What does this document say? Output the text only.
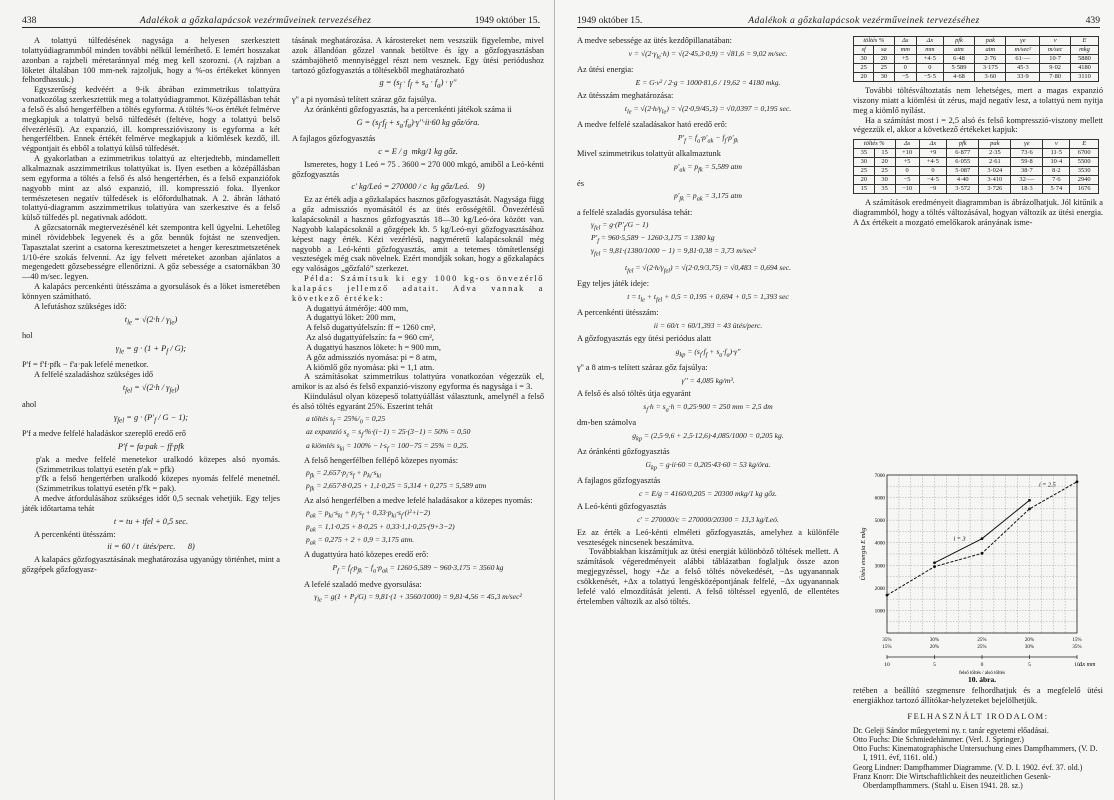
438	Adalékok a gőzkalapácsok vezérműveinek tervezéséhez	1949 október 15.

A tolattyú túlfedésének nagysága a helyesen szerkesztett tolattyúdiagrammból minden további nélkül leméríhető. E lemért hosszakat azonban a rajzbeli méretaránnyal még meg kell szorozni. (A rajzban a löketet általában 100 mm-nek rajzoljuk, hogy a %-os értékeket könnyen felhordhassuk.)

Egyszerűség kedvéért a 9-ik ábrában ezimmetrikus tolattyúra vonatkozólag szerkesztettük meg a tolattyúdiagrammot. Középállásban tehát a felső és alsó hengerfélben a töltés egyforma. A töltés %-os értékét felmérve megkapjuk a tolattyú belső túlfedését (feltéve, hogy a tolattyú belső élvezérlésű). Az expanzió, ill. kompresszióviszony is egyforma a két hengerféltben. Ennek értékét felmérve megkapjuk a kiömlések kezdő, ill. végpontjait és ebből a tolattyú külső túlfedését.

A gyakorlatban a ezimmetrikus tolattyú az elterjedtebb, mindamellett alkalmaznak aszzimmetrikus tolattyúkat is. Ilyen esetben a középállásban sem egyforma a töltés a felső és alsó hengertérben, és a felső expanziófok nagyobb mint az alsó expanzió, ill. kompresszió foka. Ilyenkor természetesen negatív túlfedések is előfordulhatnak. A 2. ábrán látható tolattyú-diagramm aszzimmetrikus tolattyúra van szerkesztve és a felső külső túlfedés pl. negativnak adódott.

A gőzcsatornák megtervezésénél két szempontra kell ügyelni. Lehetőleg minél rövidebbek legyenek és a gőz bennük fojtást ne szenvedjen. Tapasztalat szerint a csatorna keresztmetszetet a henger keresztmetszetének 1/10-ére szokás felvenni. Az így felvett méreteket azonban ajánlatos a megengedett gőzsebességre ellenőrizni. A gőz sebessége a csatornákban 30—40 m/sec. legyen.

A kalapács percenkénti ütésszáma a gyorsulások és a löket ismeretében könnyen számítható.

A lefutáshoz szükséges idő:

$t_{le} = √(2\cdot h / \gamma_{le})$

hol

$\gamma_{le} = g \cdot (1 + P_f / G)$;

P'f = f'f·pfk − f'a·pak lefelé menetkor.

A felfelé szaladáshoz szükséges idő

$t_{fel} = √(2\cdot h / \gamma_{fel})$

ahol

$\gamma_{fel} = g \cdot (P'_f / G - 1)$;

P'f a medve felfelé haladáskor szereplő eredő erő

P'f = fa·pak − ff·pfk

p'ak a medve felfelé menetekor uralkodó közepes alsó nyomás. (Szimmetrikus tolattyú esetén p'ak = pfk)

p'fk a felső hengertérben uralkodó közepes nyomás felfelé menetnél. (Szimmetrikus tolattyú esetén p'fk = pak).

A medve átfordulásához szükséges időt 0,5 secnak vehetjük. Egy teljes játék időtartama tehát

t = tu + tfel + 0,5 sec.

A percenkénti ütésszám:

ii = 60 / t  ütés/perc.      8)

A kalapács gőzfogyasztásának meghatározása ugyanúgy történhet, mint a gőzgépek gőzfogyasz-

tásának meghatározása. A károstereket nem veszszük figyelembe, mivel azok állandóan gőzzel vannak betöltve és így a gőzfogyasztásban számbajöhető mennyiséggel részt nem vesznek. Egy ütési periódushoz tartozó gőzfogyasztás a töltésekből meghatározható

$g = (s_f \cdot f_f + s_a \cdot f_a) \cdot \gamma''$

γ'' a pi nyomású telített száraz gőz fajsúlya.

Az óránkénti gőzfogyasztás, ha a percenkénti játékok száma ii

$G = (s_f\cdot f_f + s_a\cdot f_a)\cdot\gamma''\cdot ii\cdot 60$ kg gőz/óra.

A fajlagos gőzfogyasztás

c = E / g  mkg/1 kg gőz.

Ismeretes, hogy 1 Leó = 75 . 3600 = 270 000 mkgó, amiből a Leó-kénti gőzfogyasztás

c' kg/Leó = 270000 / c  kg gőz/Leó.    9)

Ez az érték adja a gőzkalapács hasznos gőzfogyasztását. Nagysága függ a gőz admissziós nyomásától és az ütés erősségétől. Önvezérlésű kalapácsoknál a hasznos gőzfogyasztás 18—30 kg/Leó-óra között van. Nagyobb kalapácsoknál a gőzgépek kb. 5 kg/Leó-nyi gőzfogyasztásához képest nagy érték. Kézi vezérlésű, nagyméretű kalapácsoknál még nagyobb a Leó-kénti gőzfogyasztás, amit a tetemes tömítetlenségi veszteségek még csak növelnek. Ezért mondják sokan, hogy a gőzkalapács egy valóságos „gőzfaló” szerkezet.

Példa: Számítsuk ki egy 1000 kg-os önvezérlő kalapács jellemző adatait. Adva vannak a következő értékek:

A dugattyú átmérője: 400 mm,

A dugattyú löket: 200 mm,

A felső dugattyúfelszín: ff = 1260 cm²,

Az alsó dugattyúfelszín: fa = 960 cm²,

A dugattyú hasznos lökete: h = 900 mm,

A gőz admissziós nyomása: pi = 8 atm,

A kiömlő gőz nyomása: pki = 1,1 atm.

A számításokat szimmetrikus tolattyúra vonatkozóan végezzük el, amikor is az alsó és felső expanzió-viszony egyforma és nagysága i = 3.

Kiindulásul olyan közepeső tolattyúállást választunk, amelynél a felső és alsó töltés egyaránt 25%. Eszerint tehát

a töltés $s_f = 25\%/_0 = 0,25$
az expanzió $s_e = s_f\cdot\%\cdot(i-1) = 25\cdot(3-1) = 50\% = 0,50$
a kiömlés $s_{ki} = 100\% - l\cdot s_f = 100-75 = 25\% = 0,25$.

A felső hengerfélben fellépő közepes nyomás:

$p_{fk} = 2,657\cdot p_i\cdot s_f + p_{ki}\cdot s_{ki}$
$p_{fk} = 2,657\cdot 8\cdot 0,25 + 1,1\cdot 0,25 = 5,314 + 0,275 = 5,589$ atm

Az alsó hengerfélben a medve lefelé haladásakor a közepes nyomás:

$p_{ak} = p_{ki}\cdot s_{ki} + p_i\cdot s_f + 0,33\cdot p_{ki}\cdot s_f\cdot(i^2+i-2)$
$p_{ak} = 1,1\cdot 0,25 + 8\cdot 0,25 + 0,33\cdot 1,1\cdot 0,25\cdot(9+3-2)$
$p_{ak} = 0,275 + 2 + 0,9 = 3,175$ atm.

A dugattyúra ható közepes eredő erő:

$P_f = f_f\cdot p_{fk} - f_a\cdot p_{ak} = 1260\cdot 5,589 - 960\cdot 3,175 = 3560$ kg

A lefelé szaladó medve gyorsulása:

$\gamma_{le} = g(1 + P_f/G) = 9,81\cdot(1 + 3560/1000) = 9,81\cdot 4,56 = 45,3$ m/sec²
1949 október 15.	Adalékok a gőzkalapácsok vezérműveinek tervezéséhez	439

A medve sebessége az ütés kezdőpillanatában:

$v = √(2\cdot\gamma_{le}\cdot h) = √(2\cdot 45,3\cdot 0,9) = √81,6 = 9,02$ m/sec.

Az ütési energia:

E = G·v² / 2·g = 1000·81,6 / 19,62 = 4180 mkg.

Az ütésszám meghatározása:

$t_{le} = √(2\cdot h/\gamma_{le}) = √(2\cdot 0,9/45,3) = √0,0397 = 0,195$ sec.

A medve felfelé szaladásakor ható eredő erő:

$P'_f = f_a\cdot p'_{ak} - f_f\cdot p'_{fk}$

Mivel szimmetrikus tolattyút alkalmaztunk

$p'_{ak} = p_{fk} = 5,589$ atm

és

$p'_{fk} = p_{ak} = 3,175$ atm

a felfelé szaladás gyorsulása tehát:

$\gamma_{fel} = g\cdot(P'_f/G - 1)$
$P'_f = 960\cdot 5,589 - 1260\cdot 3,175 = 1380$ kg
$\gamma_{fel} = 9,81\cdot(1380/1000 - 1) = 9,81\cdot 0,38 = 3,73$ m/sec²
$t_{fel} = √(2\cdot h/\gamma_{fel}) = √(2\cdot 0,9/3,75) = √0,483 = 0,694$ sec.

Egy teljes játék ideje:

$t = t_{le} + t_{fel} + 0,5 = 0,195 + 0,694 + 0,5 = 1,393$ sec

A percenkénti ütésszám:

ii = 60/t = 60/1,393 = 43 ütés/perc.

A gőzfogyasztás egy ütési periódus alatt

$g_{kp} = (s_f\cdot f_f + s_a\cdot f_a)\cdot\gamma''$

γ'' a 8 atm-s telített száraz gőz fajsúlya:

γ'' = 4,085 kg/m³.

A felső és alsó töltés útja egyaránt

$s_f\cdot h = s_a\cdot h = 0,25\cdot 900 = 250$ mm = 2,5 dm

dm-ben számolva

$g_{kp} = (2,5\cdot 9,6 + 2,5\cdot 12,6)\cdot 4,085/1000 = 0,205$ kg.

Az óránkénti gőzfogyasztás

$G_{kp} = g\cdot ii\cdot 60 = 0,205\cdot 43\cdot 60 = 53$ kg/óra.

A fajlagos gőzfogyasztás

c = E/g = 4160/0,205 = 20300 mkg/1 kg gőz.

A Leó-kénti gőzfogyasztás

c' = 270000/c = 270000/20300 = 13,3 kg/Leó.

Ez az érték a Leó-kénti elméleti gőzfogyasztás, amelyhez a különféle veszteségek nincsenek beszámítva.

Továbbiakban kiszámítjuk az ütési energiát különböző töltések mellett. A számítások végeredményeit alábbi táblázatban foglaljuk össze azon megjegyzéssel, hogy +Δε a felső töltés növekedését, −Δs ugyanannak csökkenését, +Δx a tolattyú lengésközépontjának felfelé, −Δx ugyanannak lefelé való elmozdítását jelenti. A felső töltéssel egyenlő, de ellentétes értelemben változik az alsó töltés.

töltés %		Δs	Δx	pfk	pak	γe	v	E
sf	sa	mm	mm	atm	atm	m/sec²	m/sec	mkg
30	20	+5	+4·5	6·48	2·76	61·—	10·7	5880
25	25	0	0	5·589	3·175	45·3	9·02	4180
20	30	−5	−5·5	4·68	3·60	33·9	7·80	3110

További töltésváltoztatás nem lehetséges, mert a magas expanzió viszony miatt a kiömlési út zérus, majd negatív lesz, a tolattyú nem nyitja meg a kiömlő nyílást.

Ha a számítást most i = 2,5 alsó és felső kompresszió-viszony mellett végezzük el, akkor a következő értékeket kapjuk:

töltés %		Δs	Δx	pfk	pak	γe	v	E
35	15	+10	+9	6·877	2·35	73·6	11·5	6700
30	20	+5	+4·5	6·055	2·61	59·8	10·4	5500
25	25	0	0	5·087	3·024	38·7	8·2	3530
20	30	−5	−4·5	4·40	3·410	32·—	7·6	2940
15	35	−10	−9	3·572	3·726	18·3	5·74	1676

A számítások eredményeit diagrammban is ábrázolhatjuk. Jól kitűnik a diagrammból, hogy a töltés változásával, hogyan változik az ütési energia. A Δx értékeit a mozgató emelőkarok arányának isme-

7000
6000
5000
4000
3000
2000
1000
Ütési energia E mkg
35%
15%
30%
20%
25%
25%
20%
30%
15%
35%
10	5	0	5	10 Δx mm
i = 2.5
i = 3
felső töltés / alsó töltés
10. ábra.

retében a beállító szegmensre felhordhatjuk és a megfelelő ütési energiákhoz tartozó állítókar-helyzeteket bejelölhetjük.

FELHASZNÁLT IRODALOM:

Dr. Geleji Sándor műegyetemi ny. r. tanár egyetemi előadásai.

Otto Fuchs: Die Schmiedehämmer. (Verl. J. Springer.)

Otto Fuchs: Kinematographische Untersuchung eines Dampfhammers, (V. D. I, 1911. évf, 1161. old.)

Georg Lindner: Dampfhammer Diagramme. (V. D. I. 1902. évf. 37. old.)

Franz Knorr: Die Wirtschaftlichkeit des neuzeitlichen Gesenk-Oberdampfhammers. (Stahl u. Eisen 1941. 28. sz.)
